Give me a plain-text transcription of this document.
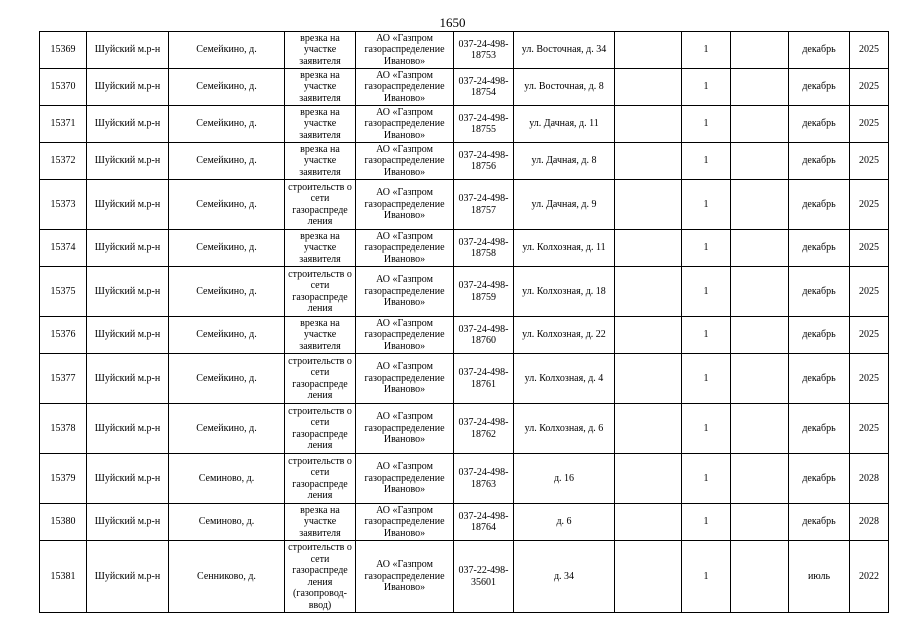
1650
15369	Шуйский м.р-н	Семейкино, д.	врезка на участке заявителя	АО «Газпром газораспределение Иваново»	037-24-498-18753	ул. Восточная, д. 34		1		декабрь	2025
15370	Шуйский м.р-н	Семейкино, д.	врезка на участке заявителя	АО «Газпром газораспределение Иваново»	037-24-498-18754	ул. Восточная, д. 8		1		декабрь	2025
15371	Шуйский м.р-н	Семейкино, д.	врезка на участке заявителя	АО «Газпром газораспределение Иваново»	037-24-498-18755	ул. Дачная, д. 11		1		декабрь	2025
15372	Шуйский м.р-н	Семейкино, д.	врезка на участке заявителя	АО «Газпром газораспределение Иваново»	037-24-498-18756	ул. Дачная, д. 8		1		декабрь	2025
15373	Шуйский м.р-н	Семейкино, д.	строительств о сети газораспреде ления	АО «Газпром газораспределение Иваново»	037-24-498-18757	ул. Дачная, д. 9		1		декабрь	2025
15374	Шуйский м.р-н	Семейкино, д.	врезка на участке заявителя	АО «Газпром газораспределение Иваново»	037-24-498-18758	ул. Колхозная, д. 11		1		декабрь	2025
15375	Шуйский м.р-н	Семейкино, д.	строительств о сети газораспреде ления	АО «Газпром газораспределение Иваново»	037-24-498-18759	ул. Колхозная, д. 18		1		декабрь	2025
15376	Шуйский м.р-н	Семейкино, д.	врезка на участке заявителя	АО «Газпром газораспределение Иваново»	037-24-498-18760	ул. Колхозная, д. 22		1		декабрь	2025
15377	Шуйский м.р-н	Семейкино, д.	строительств о сети газораспреде ления	АО «Газпром газораспределение Иваново»	037-24-498-18761	ул. Колхозная, д. 4		1		декабрь	2025
15378	Шуйский м.р-н	Семейкино, д.	строительств о сети газораспреде ления	АО «Газпром газораспределение Иваново»	037-24-498-18762	ул. Колхозная, д. 6		1		декабрь	2025
15379	Шуйский м.р-н	Семиново, д.	строительств о сети газораспреде ления	АО «Газпром газораспределение Иваново»	037-24-498-18763	д. 16		1		декабрь	2028
15380	Шуйский м.р-н	Семиново, д.	врезка на участке заявителя	АО «Газпром газораспределение Иваново»	037-24-498-18764	д. 6		1		декабрь	2028
15381	Шуйский м.р-н	Сенниково, д.	строительств о сети газораспреде ления (газопровод-ввод)	АО «Газпром газораспределение Иваново»	037-22-498-35601	д. 34		1		июль	2022
